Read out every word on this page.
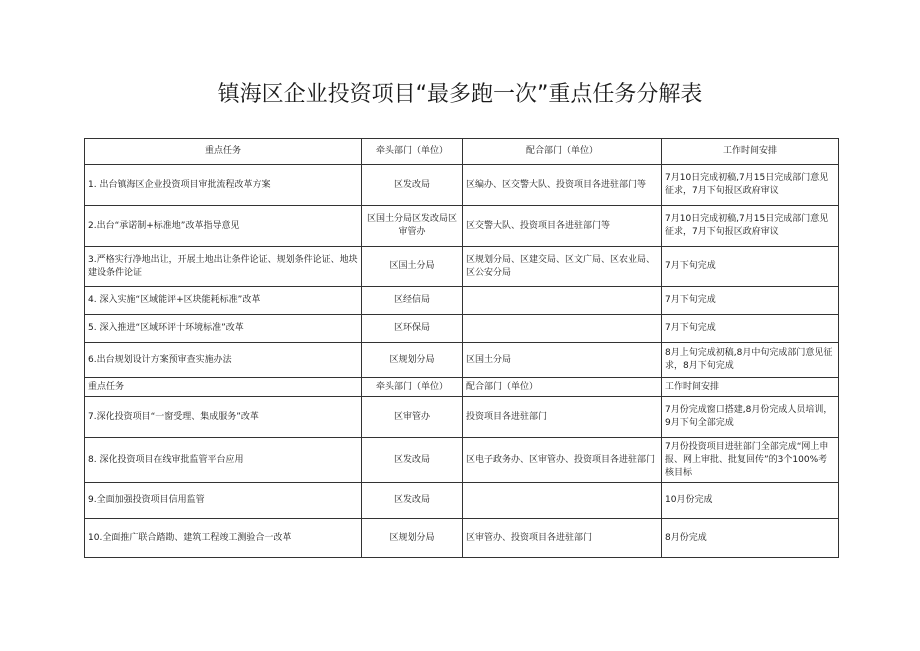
镇海区企业投资项目“最多跑一次”重点任务分解表
重点任务	牵头部门（单位）	配合部门（单位）	工作时间安排
1. 出台镇海区企业投资项目审批流程改革方案	区发改局	区编办、区交警大队、投资项目各进驻部门等	7月10日完成初稿,7月15日完成部门意见征求，7月下旬报区政府审议
2.出台“承诺制+标准地”改革指导意见	区国土分局区发改局区审管办	区交警大队、投资项目各进驻部门等	7月10日完成初稿,7月15日完成部门意见征求，7月下旬报区政府审议
3.严格实行净地出让，开展土地出让条件论证、规划条件论证、地块建设条件论证	区国土分局	区规划分局、区建交局、区文广局、区农业局、区公安分局	7月下旬完成
4. 深入实施“区域能评+区块能耗标准”改革	区经信局		7月下旬完成
5. 深入推进“区域环评十环境标准”改革	区环保局		7月下旬完成
6.出台规划设计方案预审查实施办法	区规划分局	区国土分局	8月上旬完成初稿,8月中旬完成部门意见征求，8月下旬完成
重点任务	牵头部门（单位）	配合部门（单位）	工作时间安排
7.深化投资项目“一窗受理、集成服务”改革	区审管办	投资项目各进驻部门	7月份完成窗口搭建,8月份完成人员培训，9月下旬全部完成
8. 深化投资项目在线审批监管平台应用	区发改局	区电子政务办、区审管办、投资项目各进驻部门	7月份投资项目进驻部门全部完成“网上申报、网上审批、批复回传”的3个100%考核目标
9.全面加强投资项目信用监管	区发改局		10月份完成
10.全面推广联合踏勘、建筑工程竣工测验合一改革	区规划分局	区审管办、投资项目各进驻部门	8月份完成
